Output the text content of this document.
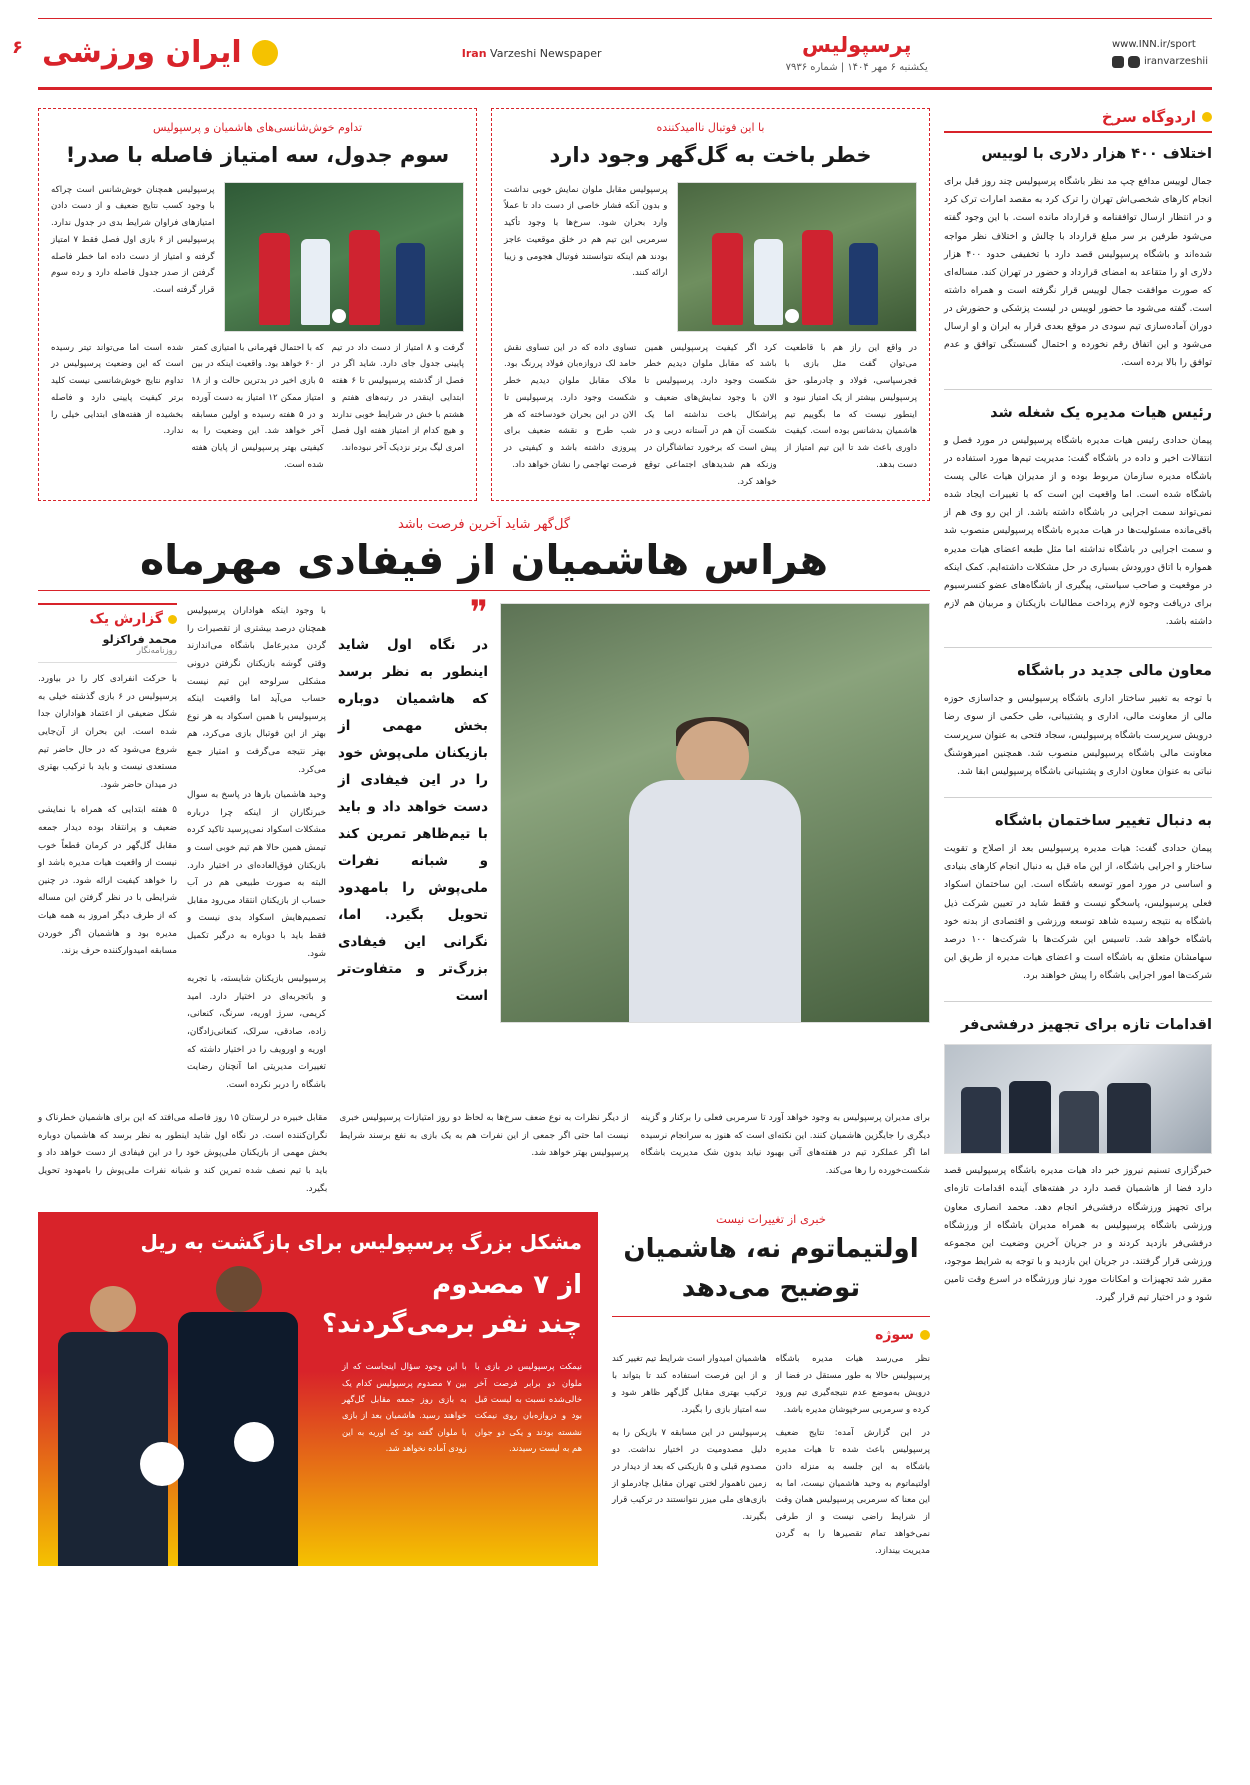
www.INN.ir/sport
iranvarzeshii
پرسپولیس
یکشنبه ۶ مهر ۱۴۰۴ | شماره ۷۹۳۶
Iran Varzeshi Newspaper
ایران ورزشی
۶
اردوگاه سرخ
اختلاف ۴۰۰ هزار دلاری با لوییس

جمال لوییس مدافع چپ مد نظر باشگاه پرسپولیس چند روز قبل برای انجام کارهای شخصی‌اش تهران را ترک کرد به مقصد امارات ترک کرد و در انتظار ارسال توافقنامه و قرارداد مانده است. با این وجود گفته می‌شود طرفین بر سر مبلغ قرارداد با چالش و اختلاف نظر مواجه شده‌اند و باشگاه پرسپولیس قصد دارد با تخفیفی حدود ۴۰۰ هزار دلاری او را متقاعد به امضای قرارداد و حضور در تهران کند. مساله‌ای که صورت موافقت جمال لوییس قرار نگرفته است و همراه داشته است. گفته می‌شود ما حضور لوییس در لیست پزشکی و حضورش در دوران آماده‌سازی تیم سودی در موقع بعدی قرار به ایران و او ارسال می‌شود و این اتفاق رقم نخورده و احتمال گسستگی توافق و عدم توافق را بالا برده است.

رئیس هیات مدیره یک شغله شد

پیمان حدادی رئیس هیات مدیره باشگاه پرسپولیس در مورد فصل و انتقالات اخیر و داده در باشگاه گفت: مدیریت تیم‌ها مورد استفاده در باشگاه مدیره سازمان مربوط بوده و از مدیران هیات عالی پست باشگاه شده است. اما واقعیت این است که با تغییرات ایجاد شده نمی‌تواند سمت اجرایی در باشگاه داشته باشد. از این رو وی هم از باقی‌مانده مسئولیت‌ها در هیات مدیره باشگاه پرسپولیس منصوب شد و سمت اجرایی در باشگاه نداشته اما مثل طبعه اعضای هیات مدیره همواره با اتاق دورودش بسیاری در حل مشکلات داشته‌ایم. کمک اینکه در موقعیت و صاحب سیاستی، پیگیری از باشگاه‌های عضو کنسرسیوم برای دریافت وجوه لازم پرداخت مطالبات بازیکنان و مربیان هم لازم داشته باشد.

معاون مالی جدید در باشگاه

با توجه به تغییر ساختار اداری باشگاه پرسپولیس و جداسازی حوزه مالی از معاونت مالی، اداری و پشتیبانی، طی حکمی از سوی رضا درویش سرپرست باشگاه پرسپولیس، سجاد فتحی به عنوان سرپرست معاونت مالی باشگاه پرسپولیس منصوب شد. همچنین امیرهوشنگ نباتی به عنوان معاون اداری و پشتیبانی باشگاه پرسپولیس ابقا شد.

به دنبال تغییر ساختمان باشگاه

پیمان حدادی گفت: هیات مدیره پرسپولیس بعد از اصلاح و تقویت ساختار و اجرایی باشگاه، از این ماه قبل به دنبال انجام کارهای بنیادی و اساسی در مورد امور توسعه باشگاه است. این ساختمان اسکواد فعلی پرسپولیس، پاسخگو نیست و فقط شاید در تعیین شرکت ذیل باشگاه به نتیجه رسیده شاهد توسعه ورزشی و اقتصادی از بدنه خود باشگاه خواهد شد. تاسیس این شرکت‌ها با شرکت‌ها ۱۰۰ درصد سهامشان متعلق به باشگاه است و اعضای هیات مدیره از طریق این شرکت‌ها امور اجرایی باشگاه را پیش خواهند برد.

اقدامات تازه برای تجهیز درفشی‌فر

خبرگزاری تسنیم نیروز خبر داد هیات مدیره باشگاه پرسپولیس قصد دارد فضا از هاشمیان قصد دارد در هفته‌های آینده اقدامات تازه‌ای برای تجهیز ورزشگاه درفشی‌فر انجام دهد. محمد انصاری معاون ورزشی باشگاه پرسپولیس به همراه مدیران باشگاه از ورزشگاه درفشی‌فر بازدید کردند و در جریان آخرین وضعیت این مجموعه ورزشی قرار گرفتند. در جریان این بازدید و با توجه به شرایط موجود، مقرر شد تجهیزات و امکانات مورد نیاز ورزشگاه در اسرع وقت تامین شود و در اختیار تیم قرار گیرد.

با این فوتبال ناامیدکننده
خطر باخت به گل‌گهر وجود دارد

پرسپولیس مقابل ملوان نمایش خوبی نداشت و بدون آنکه فشار خاصی از دست داد تا عملاً وارد بحران شود. سرخ‌ها با وجود تأکید سرمربی این تیم هم در خلق موقعیت عاجز بودند هم اینکه نتوانستند فوتبال هجومی و زیبا ارائه کنند.

در واقع این راز هم با قاطعیت می‌توان گفت مثل بازی با فجرسپاسی، فولاد و چادرملو، حق پرسپولیس بیشتر از یک امتیاز نبود و اینطور نیست که ما بگوییم تیم هاشمیان بدشانس بوده است. کیفیت داوری باعث شد تا این تیم امتیاز از دست بدهد.

کرد اگر کیفیت پرسپولیس همین باشد که مقابل ملوان دیدیم خطر شکست وجود دارد. پرسپولیس تا الان با وجود نمایش‌های ضعیف و پراشکال باخت نداشته اما یک شکست آن هم در آستانه دربی و در پیش است که برخورد تماشاگران در وزنکه هم شدید‌های اجتماعی توقع خواهد کرد.

تساوی داده که در این تساوی نقش حامد لک دروازه‌بان فولاد پررنگ بود. ملاک مقابل ملوان دیدیم خطر شکست وجود دارد. پرسپولیس تا الان در این بحران خودساخته که هر شب طرح و نقشه ضعیف برای پیروزی داشته باشد و کیفیتی در فرصت تهاجمی را نشان خواهد داد.

تداوم خوش‌شانسی‌های هاشمیان و پرسپولیس
سوم جدول، سه امتیاز فاصله با صدر!

پرسپولیس همچنان خوش‌شانس است چراکه با وجود کسب نتایج ضعیف و از دست دادن امتیازهای فراوان شرایط بدی در جدول ندارد. پرسپولیس از ۶ بازی اول فصل فقط ۷ امتیاز گرفته و امتیاز از دست داده اما خطر فاصله گرفتن از صدر جدول فاصله دارد و رده سوم قرار گرفته است.

گرفت و ۸ امتیاز از دست داد در تیم پایینی جدول جای دارد. شاید اگر در فصل از گذشته پرسپولیس تا ۶ هفته ابتدایی اینقدر در رتبه‌های هفتم و هشتم با خش در شرایط خوبی ندارند و هیچ کدام از امتیاز هفته اول فصل امری لیگ برتر نزدیک آخر نبوده‌اند.

که با احتمال قهرمانی با امتیازی کمتر از ۶۰ خواهد بود. واقعیت اینکه در بین ۵ بازی اخیر در بدترین حالت و از ۱۸ امتیاز ممکن ۱۲ امتیاز به دست آورده و در ۵ هفته رسیده و اولین مسابقه آخر خواهد شد. این وضعیت را به کیفیتی بهتر پرسپولیس از پایان هفته شده است.

شده است اما می‌تواند تیتر رسیده است که این وضعیت پرسپولیس در تداوم نتایج خوش‌شانسی نیست کلید برتر کیفیت پایینی دارد و فاصله بخشیده از هفته‌های ابتدایی خیلی را ندارد.

گل‌گهر شاید آخرین فرصت باشد
هراس هاشمیان از فیفادی مهرماه
❞

در نگاه اول شاید اینطور به نظر برسد که هاشمیان دوباره بخش مهمی از بازیکنان ملی‌پوش خود را در این فیفادی از دست خواهد داد و باید با تیم‌ظاهر تمرین کند و شبانه نفرات ملی‌پوش را بامهدود تحویل بگیرد. اما، نگرانی این فیفادی بزرگ‌تر و متفاوت‌تر است

با وجود اینکه هواداران پرسپولیس همچنان درصد بیشتری از تقصیرات را گردن مدیرعامل باشگاه می‌اندازند وقتی گوشه بازیکنان نگرفتن درونی مشکلی سرلوحه این تیم نیست حساب می‌آید اما واقعیت اینکه پرسپولیس با همین اسکواد به هر نوع بهتر از این فوتبال بازی می‌کرد، هم بهتر نتیجه می‌گرفت و امتیاز جمع می‌کرد.

وحید هاشمیان بارها در پاسخ به سوال خبرنگاران از اینکه چرا درباره مشکلات اسکواد نمی‌پرسید تاکید کرده تیمش همین حالا هم تیم خوبی است و بازیکنان فوق‌العاده‌ای در اختیار دارد. البته به صورت طبیعی هم در آب حساب از بازیکنان انتقاد می‌رود مقابل تصمیم‌هایش اسکواد بدی نیست و فقط باید با دوباره به درگیر تکمیل شود.

پرسپولیس بازیکنان شایسته، با تجربه و باتجربه‌ای در اختیار دارد. امید کریمی، سرژ اوریه، سرنگ، کنعانی، زاده، صادقی، سرلک، کنعانی‌زادگان، اوریه و اورویف را در اختیار داشته که تغییرات مدیریتی اما آنچنان رضایت باشگاه را دربر نکرده است.

گزارش یک
محمد فراکزلو
روزنامه‌نگار

با حرکت انفرادی کار را در بیاورد. پرسپولیس در ۶ بازی گذشته خیلی به شکل ضعیفی از اعتماد هواداران جدا شده است. این بحران از آن‌جایی شروع می‌شود که در حال حاضر تیم مستعدی نیست و باید با ترکیب بهتری در میدان حاضر شود.

۵ هفته ابتدایی که همراه با نمایشی ضعیف و پرانتقاد بوده دیدار جمعه مقابل گل‌گهر در کرمان قطعاً خوب نیست از واقعیت هیات مدیره باشد او را خواهد کیفیت ارائه شود. در چنین شرایطی با در نظر گرفتن این مساله که از طرف دیگر امروز به همه هیات مدیره بود و هاشمیان اگر خوردن مسابقه امیدوارکننده حرف بزند.

برای مدیران پرسپولیس به وجود خواهد آورد تا سرمربی فعلی را برکنار و گزینه دیگری را جایگزین هاشمیان کنند. این نکته‌ای است که هنوز به سرانجام نرسیده اما اگر عملکرد تیم در هفته‌های آتی بهبود نیابد بدون شک مدیریت باشگاه شکست‌خورده را رها می‌کند.

از دیگر نظرات به نوع ضعف سرخ‌ها به لحاظ دو روز امتیازات پرسپولیس خبری نیست اما حتی اگر جمعی از این نفرات هم به یک بازی به نفع برسند شرایط پرسپولیس بهتر خواهد شد.

مقابل خبیره در لرستان ۱۵ روز فاصله می‌افتد که این برای هاشمیان خطرناک و نگران‌کننده است. در نگاه اول شاید اینطور به نظر برسد که هاشمیان دوباره بخش مهمی از بازیکنان ملی‌پوش خود را در این فیفادی از دست خواهد داد و باید با تیم نصف شده تمرین کند و شبانه نفرات ملی‌پوش را بامهدود تحویل بگیرد.

خبری از تغییرات نیست
اولتیماتوم نه، هاشمیان توضیح می‌دهد
سوژه

نظر می‌رسد هیات مدیره باشگاه پرسپولیس حالا به طور مستقل در فضا از درویش به‌موضع عدم نتیجه‌گیری تیم ورود کرده و سرمربی سرخپوشان مدیره باشد.

در این گزارش آمده: نتایج ضعیف پرسپولیس باعث شده تا هیات مدیره باشگاه به این جلسه به منزله دادن اولتیماتوم به وحید هاشمیان نیست، اما به این معنا که سرمربی پرسپولیس همان وقت از شرایط راضی نیست و از طرفی نمی‌خواهد تمام تقصیرها را به گردن مدیریت بیندازد.

هاشمیان امیدوار است شرایط تیم تغییر کند و از این فرصت استفاده کند تا بتواند با ترکیب بهتری مقابل گل‌گهر ظاهر شود و سه امتیاز بازی را بگیرد.

پرسپولیس در این مسابقه ۷ بازیکن را به دلیل مصدومیت در اختیار نداشت. دو مصدوم قبلی و ۵ بازیکنی که بعد از دیدار در زمین ناهموار لختی تهران مقابل چادرملو از بازی‌های ملی میزر نتوانستند در ترکیب قرار بگیرند.

مشکل بزرگ پرسپولیس برای بازگشت به ریل
از ۷ مصدوم
چند نفر برمی‌گردند؟

نیمکت پرسپولیس در بازی با ملوان دو برابر فرصت آخر خالی‌شده نسبت به لیست قبل بود و دروازه‌بان روی نیمکت نشسته بودند و یکی دو جوان هم به لیست رسیدند.

با این وجود سؤال اینجاست که از بین ۷ مصدوم پرسپولیس کدام یک به بازی روز جمعه مقابل گل‌گهر خواهند رسید. هاشمیان بعد از بازی با ملوان گفته بود که اوریه به این زودی آماده نخواهد شد.
